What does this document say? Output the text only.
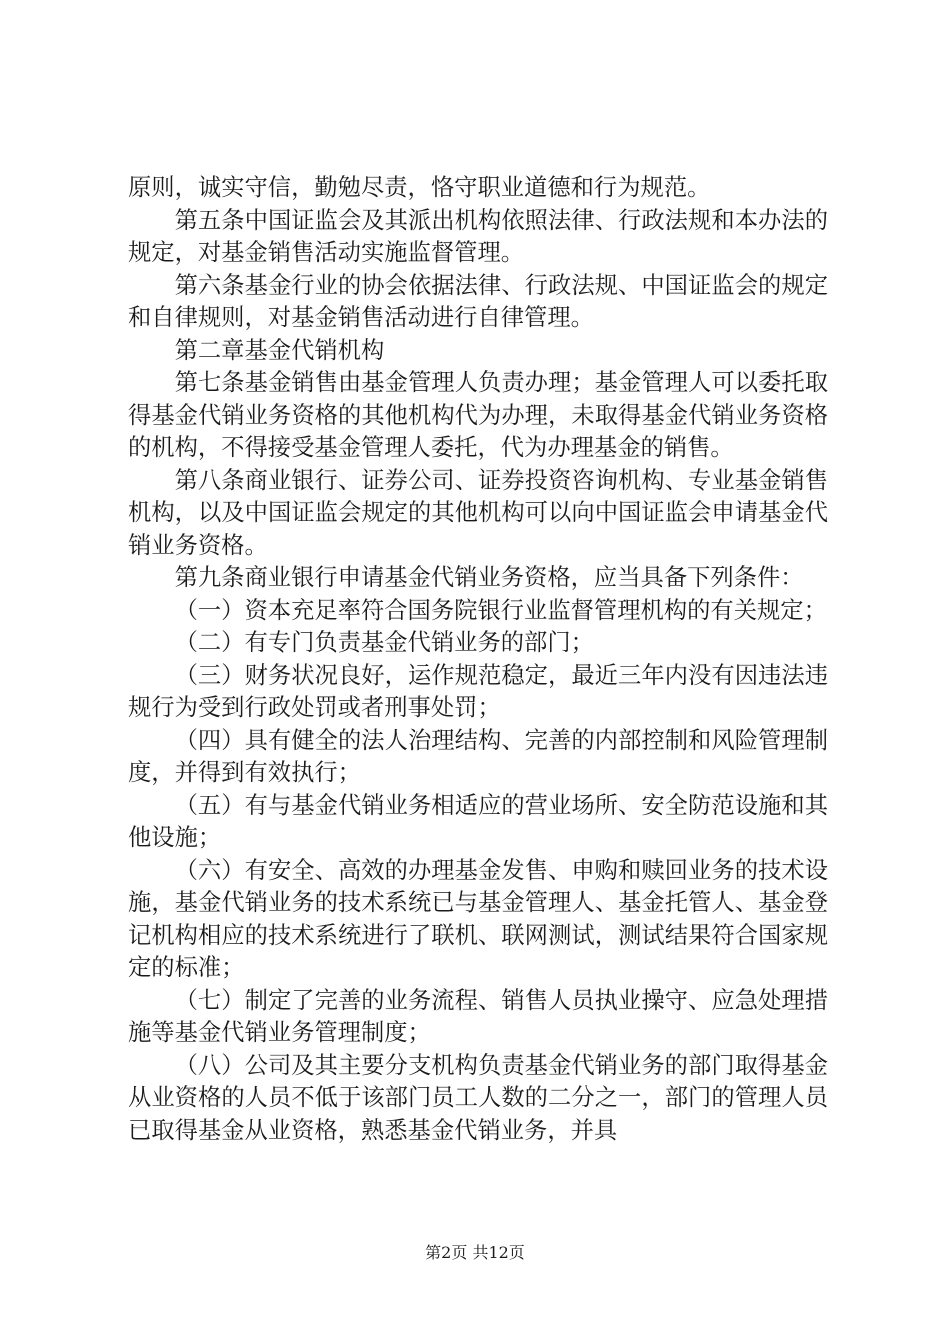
原则，诚实守信，勤勉尽责，恪守职业道德和行为规范。

第五条中国证监会及其派出机构依照法律、行政法规和本办法的规定，对基金销售活动实施监督管理。

第六条基金行业的协会依据法律、行政法规、中国证监会的规定和自律规则，对基金销售活动进行自律管理。

第二章基金代销机构

第七条基金销售由基金管理人负责办理；基金管理人可以委托取得基金代销业务资格的其他机构代为办理，未取得基金代销业务资格的机构，不得接受基金管理人委托，代为办理基金的销售。

第八条商业银行、证券公司、证券投资咨询机构、专业基金销售机构，以及中国证监会规定的其他机构可以向中国证监会申请基金代销业务资格。

第九条商业银行申请基金代销业务资格，应当具备下列条件：

（一）资本充足率符合国务院银行业监督管理机构的有关规定；

（二）有专门负责基金代销业务的部门；

（三）财务状况良好，运作规范稳定，最近三年内没有因违法违规行为受到行政处罚或者刑事处罚；

（四）具有健全的法人治理结构、完善的内部控制和风险管理制度，并得到有效执行；

（五）有与基金代销业务相适应的营业场所、安全防范设施和其他设施；

（六）有安全、高效的办理基金发售、申购和赎回业务的技术设施，基金代销业务的技术系统已与基金管理人、基金托管人、基金登记机构相应的技术系统进行了联机、联网测试，测试结果符合国家规定的标准；

（七）制定了完善的业务流程、销售人员执业操守、应急处理措施等基金代销业务管理制度；

（八）公司及其主要分支机构负责基金代销业务的部门取得基金从业资格的人员不低于该部门员工人数的二分之一，部门的管理人员已取得基金从业资格，熟悉基金代销业务，并具

第2页 共12页
